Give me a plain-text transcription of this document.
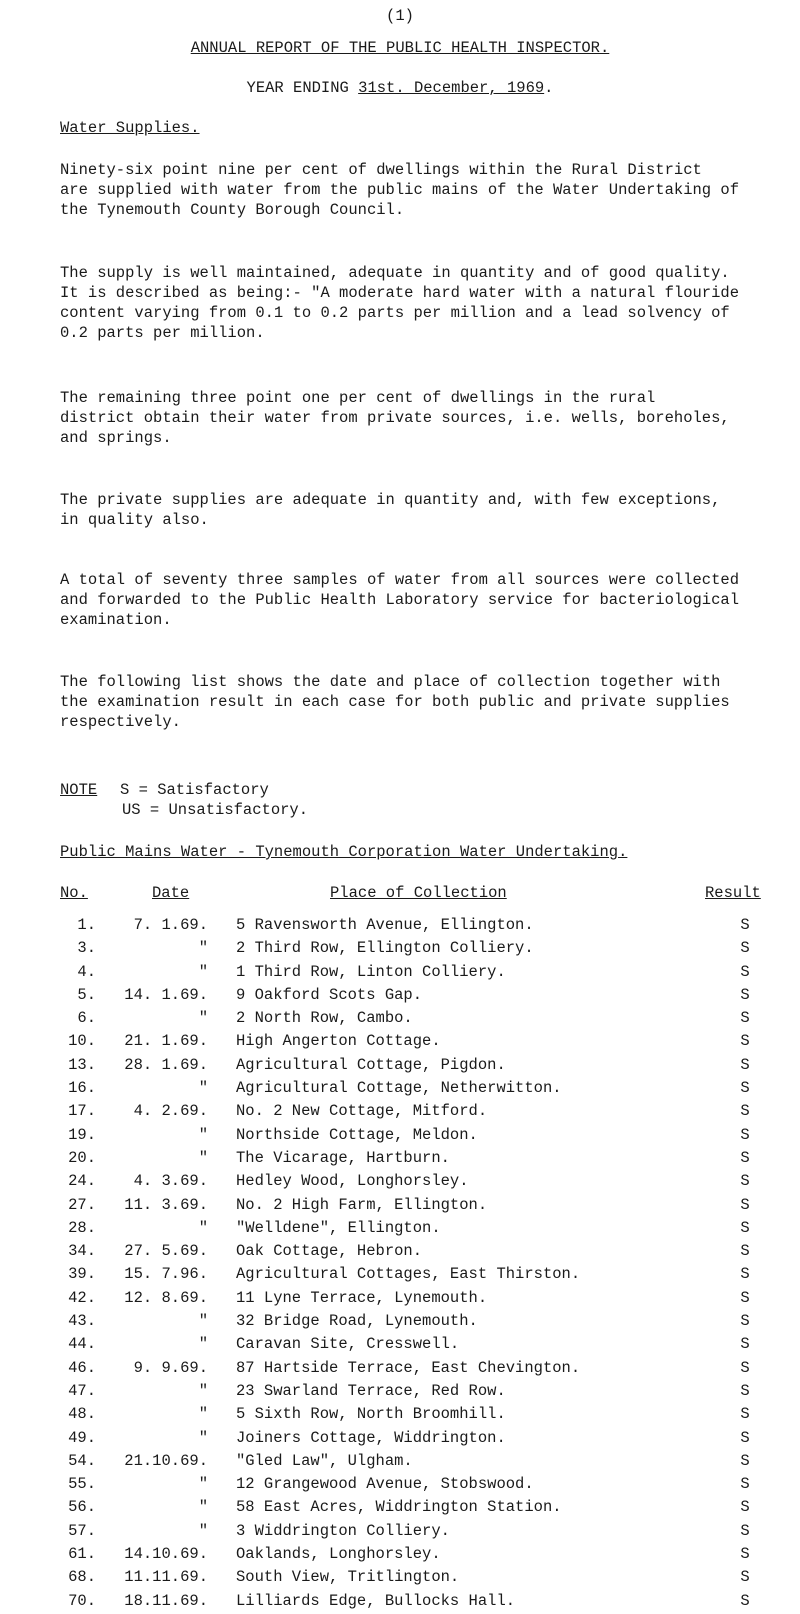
(1)
ANNUAL REPORT OF THE PUBLIC HEALTH INSPECTOR.
YEAR ENDING 31st. December, 1969.
Water Supplies.
Ninety-six point nine per cent of dwellings within the Rural District
are supplied with water from the public mains of the Water Undertaking of
the Tynemouth County Borough Council.
The supply is well maintained, adequate in quantity and of good quality.
It is described as being:- "A moderate hard water with a natural flouride
content varying from 0.1 to 0.2 parts per million and a lead solvency of
0.2 parts per million.
The remaining three point one per cent of dwellings in the rural
district obtain their water from private sources, i.e. wells, boreholes,
and springs.
The private supplies are adequate in quantity and, with few exceptions,
in quality also.
A total of seventy three samples of water from all sources were collected
and forwarded to the Public Health Laboratory service for bacteriological
examination.
The following list shows the date and place of collection together with
the examination result in each case for both public and private supplies
respectively.
NOTE S = Satisfactory
US = Unsatisfactory.
Public Mains Water - Tynemouth Corporation Water Undertaking.
No.	Date	Place of Collection	Result
1.	7. 1.69. 5 Ravensworth Avenue, Ellington.	S
3.	" 2 Third Row, Ellington Colliery.	S
4.	" 1 Third Row, Linton Colliery.	S
5.	14. 1.69. 9 Oakford Scots Gap.	S
6.	" 2 North Row, Cambo.	S
10.	21. 1.69. High Angerton Cottage.	S
13.	28. 1.69. Agricultural Cottage, Pigdon.	S
16.	" Agricultural Cottage, Netherwitton.	S
17.	4. 2.69. No. 2 New Cottage, Mitford.	S
19.	" Northside Cottage, Meldon.	S
20.	" The Vicarage, Hartburn.	S
24.	4. 3.69. Hedley Wood, Longhorsley.	S
27.	11. 3.69. No. 2 High Farm, Ellington.	S
28.	" "Welldene", Ellington.	S
34.	27. 5.69. Oak Cottage, Hebron.	S
39.	15. 7.96. Agricultural Cottages, East Thirston.	S
42.	12. 8.69. 11 Lyne Terrace, Lynemouth.	S
43.	" 32 Bridge Road, Lynemouth.	S
44.	" Caravan Site, Cresswell.	S
46.	9. 9.69. 87 Hartside Terrace, East Chevington.	S
47.	" 23 Swarland Terrace, Red Row.	S
48.	" 5 Sixth Row, North Broomhill.	S
49.	" Joiners Cottage, Widdrington.	S
54.	21.10.69. "Gled Law", Ulgham.	S
55.	" 12 Grangewood Avenue, Stobswood.	S
56.	" 58 East Acres, Widdrington Station.	S
57.	" 3 Widdrington Colliery.	S
61.	14.10.69. Oaklands, Longhorsley.	S
68.	11.11.69. South View, Tritlington.	S
70.	18.11.69. Lilliards Edge, Bullocks Hall.	S
